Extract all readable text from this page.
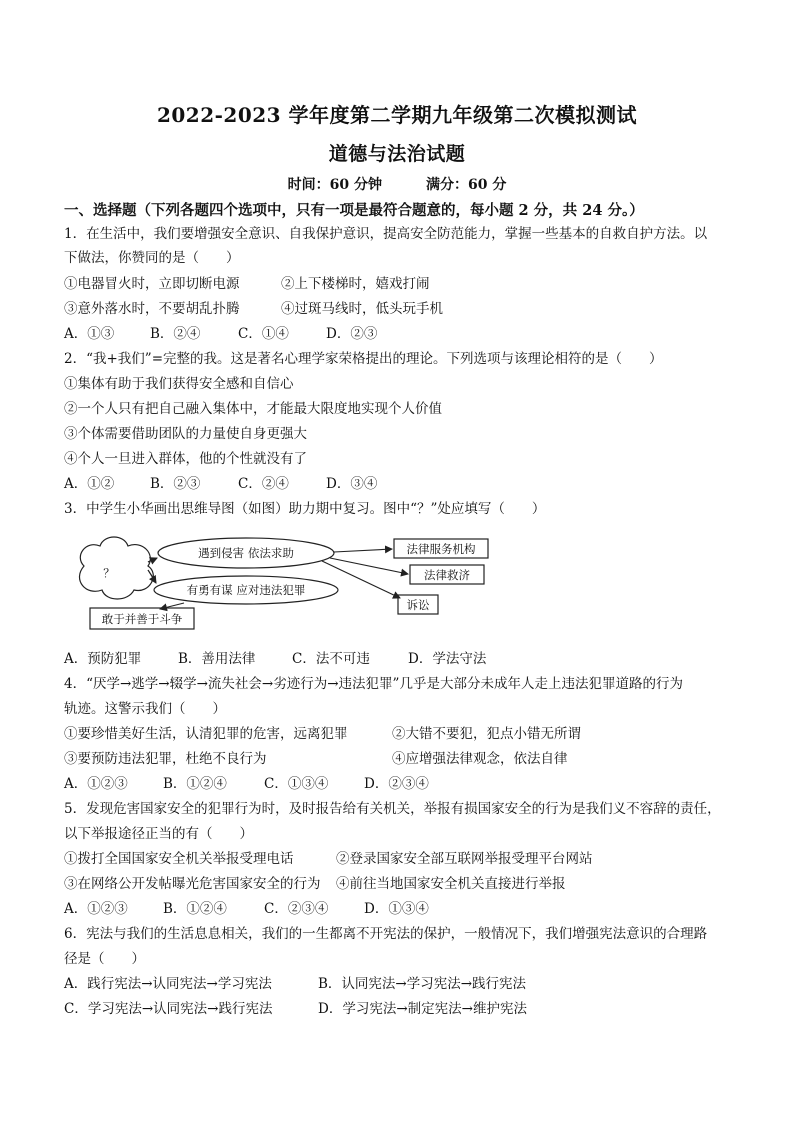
2022-2023 学年度第二学期九年级第二次模拟测试
道德与法治试题
时间：60 分钟	满分：60 分
一、选择题（下列各题四个选项中，只有一项是最符合题意的，每小题 2 分，共 24 分。）
1．在生活中，我们要增强安全意识、自我保护意识，提高安全防范能力，掌握一些基本的自救自护方法。以
下做法，你赞同的是（　　）
①电器冒火时，立即切断电源	②上下楼梯时，嬉戏打闹
③意外落水时，不要胡乱扑腾	④过斑马线时，低头玩手机
A．①③	B．②④	C．①④	D．②③
2．“我+我们”=完整的我。这是著名心理学家荣格提出的理论。下列选项与该理论相符的是（　　）
①集体有助于我们获得安全感和自信心
②一个人只有把自己融入集体中，才能最大限度地实现个人价值
③个体需要借助团队的力量使自身更强大
④个人一旦进入群体，他的个性就没有了
A．①②	B．②③	C．②④	D．③④
3．中学生小华画出思维导图（如图）助力期中复习。图中“？”处应填写（　　）
？
遇到侵害 依法求助
有勇有谋 应对违法犯罪
敢于并善于斗争
法律服务机构
法律救济
诉讼
A．预防犯罪	B．善用法律	C．法不可违	D．学法守法
4．“厌学→逃学→辍学→流失社会→劣迹行为→违法犯罪”几乎是大部分未成年人走上违法犯罪道路的行为
轨迹。这警示我们（　　）
①要珍惜美好生活，认清犯罪的危害，远离犯罪	②大错不要犯，犯点小错无所谓
③要预防违法犯罪，杜绝不良行为	④应增强法律观念，依法自律
A．①②③	B．①②④	C．①③④	D．②③④
5．发现危害国家安全的犯罪行为时，及时报告给有关机关，举报有损国家安全的行为是我们义不容辞的责任，
以下举报途径正当的有（　　）
①拨打全国国家安全机关举报受理电话	②登录国家安全部互联网举报受理平台网站
③在网络公开发帖曝光危害国家安全的行为 ④前往当地国家安全机关直接进行举报
A．①②③	B．①②④	C．②③④	D．①③④
6．宪法与我们的生活息息相关，我们的一生都离不开宪法的保护，一般情况下，我们增强宪法意识的合理路
径是（　　）
A．践行宪法→认同宪法→学习宪法	B．认同宪法→学习宪法→践行宪法
C．学习宪法→认同宪法→践行宪法	D．学习宪法→制定宪法→维护宪法
